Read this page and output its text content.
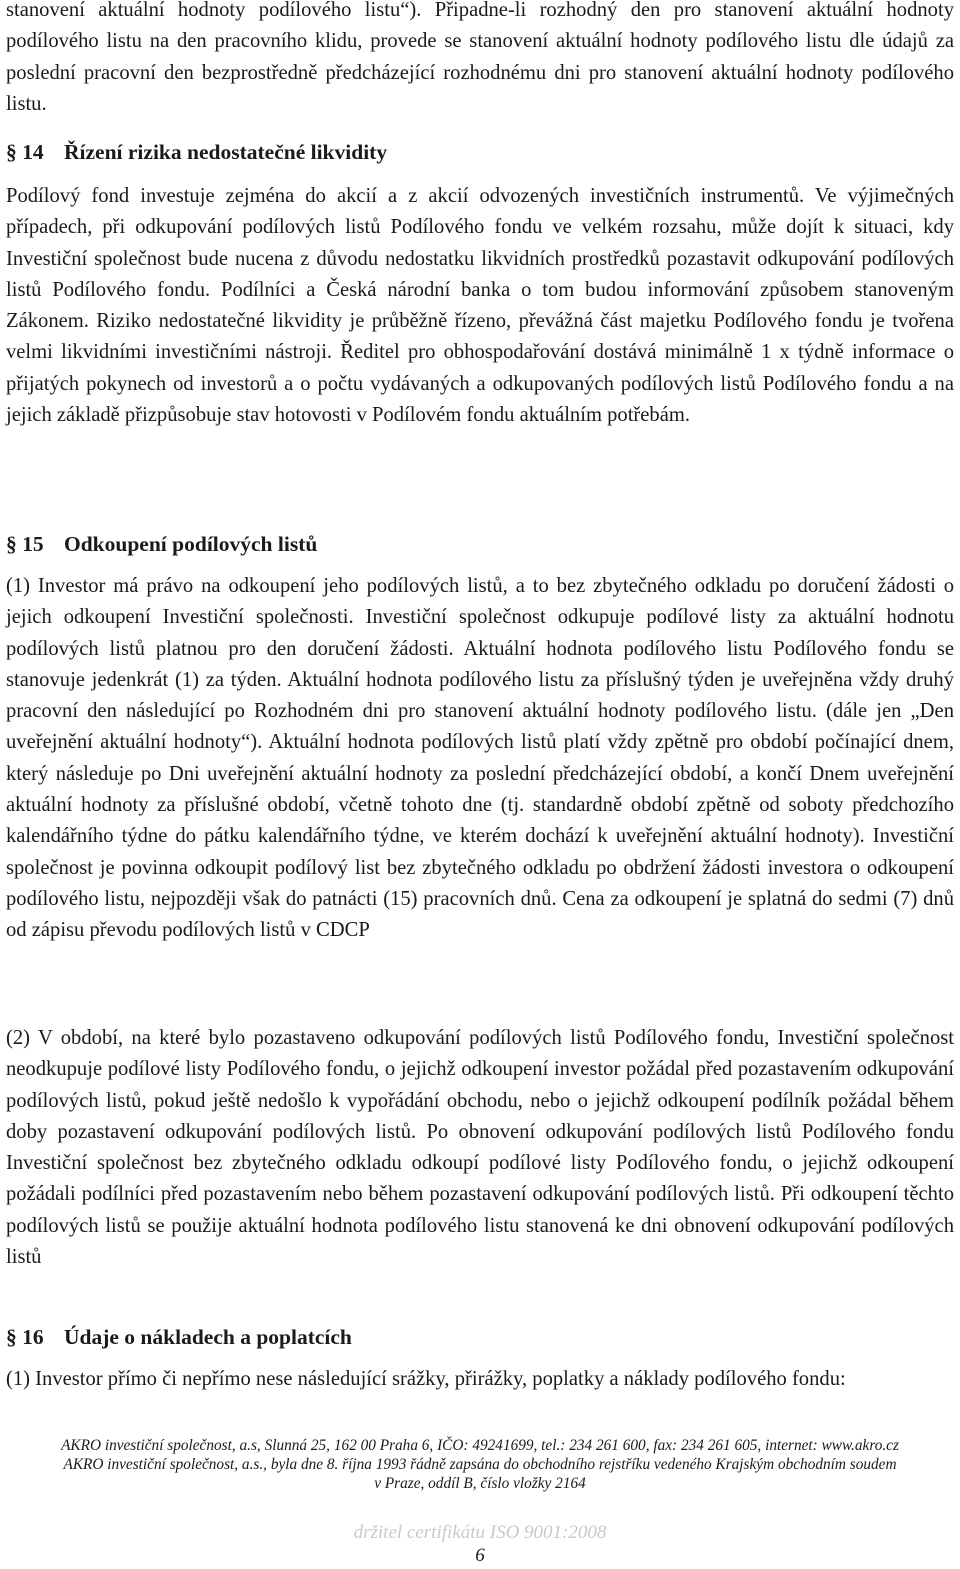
stanovení aktuální hodnoty podílového listu“). Připadne-li rozhodný den pro stanovení aktuální hodnoty podílového listu na den pracovního klidu, provede se stanovení aktuální hodnoty podílového listu dle údajů za poslední pracovní den bezprostředně předcházející rozhodnému dni pro stanovení aktuální hodnoty podílového listu.

§ 14 Řízení rizika nedostatečné likvidity

Podílový fond investuje zejména do akcií a z akcií odvozených investičních instrumentů. Ve výjimečných případech, při odkupování podílových listů Podílového fondu ve velkém rozsahu, může dojít k situaci, kdy Investiční společnost bude nucena z důvodu nedostatku likvidních prostředků pozastavit odkupování podílových listů Podílového fondu. Podílníci a Česká národní banka o tom budou informování způsobem stanoveným Zákonem. Riziko nedostatečné likvidity je průběžně řízeno, převážná část majetku Podílového fondu je tvořena velmi likvidními investičními nástroji. Ředitel pro obhospodařování dostává minimálně 1 x týdně informace o přijatých pokynech od investorů a o počtu vydávaných a odkupovaných podílových listů Podílového fondu a na jejich základě přizpůsobuje stav hotovosti v Podílovém fondu aktuálním potřebám.

§ 15 Odkoupení podílových listů

(1) Investor má právo na odkoupení jeho podílových listů, a to bez zbytečného odkladu po doručení žádosti o jejich odkoupení Investiční společnosti. Investiční společnost odkupuje podílové listy za aktuální hodnotu podílových listů platnou pro den doručení žádosti. Aktuální hodnota podílového listu Podílového fondu se stanovuje jedenkrát (1) za týden. Aktuální hodnota podílového listu za příslušný týden je uveřejněna vždy druhý pracovní den následující po Rozhodném dni pro stanovení aktuální hodnoty podílového listu. (dále jen „Den uveřejnění aktuální hodnoty“). Aktuální hodnota podílových listů platí vždy zpětně pro období počínající dnem, který následuje po Dni uveřejnění aktuální hodnoty za poslední předcházející období, a končí Dnem uveřejnění aktuální hodnoty za příslušné období, včetně tohoto dne (tj. standardně období zpětně od soboty předchozího kalendářního týdne do pátku kalendářního týdne, ve kterém dochází k uveřejnění aktuální hodnoty). Investiční společnost je povinna odkoupit podílový list bez zbytečného odkladu po obdržení žádosti investora o odkoupení podílového listu, nejpozději však do patnácti (15) pracovních dnů. Cena za odkoupení je splatná do sedmi (7) dnů od zápisu převodu podílových listů v CDCP

(2) V období, na které bylo pozastaveno odkupování podílových listů Podílového fondu, Investiční společnost neodkupuje podílové listy Podílového fondu, o jejichž odkoupení investor požádal před pozastavením odkupování podílových listů, pokud ještě nedošlo k vypořádání obchodu, nebo o jejichž odkoupení podílník požádal během doby pozastavení odkupování podílových listů. Po obnovení odkupování podílových listů Podílového fondu Investiční společnost bez zbytečného odkladu odkoupí podílové listy Podílového fondu, o jejichž odkoupení požádali podílníci před pozastavením nebo během pozastavení odkupování podílových listů. Při odkoupení těchto podílových listů se použije aktuální hodnota podílového listu stanovená ke dni obnovení odkupování podílových listů

§ 16 Údaje o nákladech a poplatcích

(1) Investor přímo či nepřímo nese následující srážky, přirážky, poplatky a náklady podílového fondu:

AKRO investiční společnost, a.s, Slunná 25, 162 00 Praha 6, IČO: 49241699, tel.: 234 261 600, fax: 234 261 605, internet: www.akro.cz

AKRO investiční společnost, a.s., byla dne 8. října 1993 řádně zapsána do obchodního rejstříku vedeného Krajským obchodním soudem

v Praze, oddíl B, číslo vložky 2164

držitel certifikátu ISO 9001:2008

6
